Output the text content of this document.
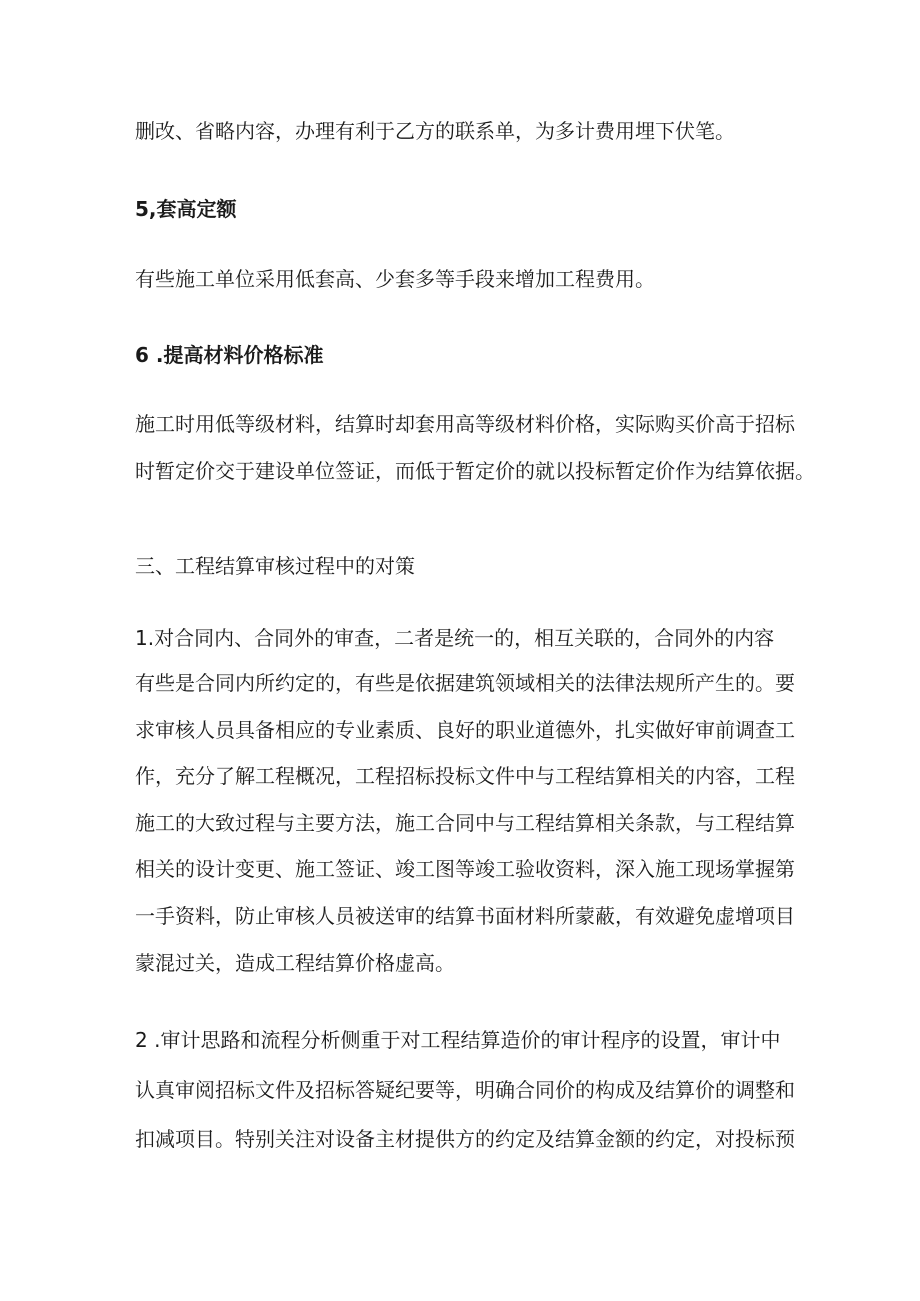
删改、省略内容，办理有利于乙方的联系单，为多计费用埋下伏笔。

5,套高定额

有些施工单位采用低套高、少套多等手段来增加工程费用。

6 .提高材料价格标准

施工时用低等级材料，结算时却套用高等级材料价格，实际购买价高于招标

时暂定价交于建设单位签证，而低于暂定价的就以投标暂定价作为结算依据。

三、工程结算审核过程中的对策

1.对合同内、合同外的审查，二者是统一的，相互关联的，合同外的内容

有些是合同内所约定的，有些是依据建筑领域相关的法律法规所产生的。要

求审核人员具备相应的专业素质、良好的职业道德外，扎实做好审前调查工

作，充分了解工程概况，工程招标投标文件中与工程结算相关的内容，工程

施工的大致过程与主要方法，施工合同中与工程结算相关条款，与工程结算

相关的设计变更、施工签证、竣工图等竣工验收资料，深入施工现场掌握第

一手资料，防止审核人员被送审的结算书面材料所蒙蔽，有效避免虚增项目

蒙混过关，造成工程结算价格虚高。

2 .审计思路和流程分析侧重于对工程结算造价的审计程序的设置，审计中

认真审阅招标文件及招标答疑纪要等，明确合同价的构成及结算价的调整和

扣减项目。特别关注对设备主材提供方的约定及结算金额的约定，对投标预
